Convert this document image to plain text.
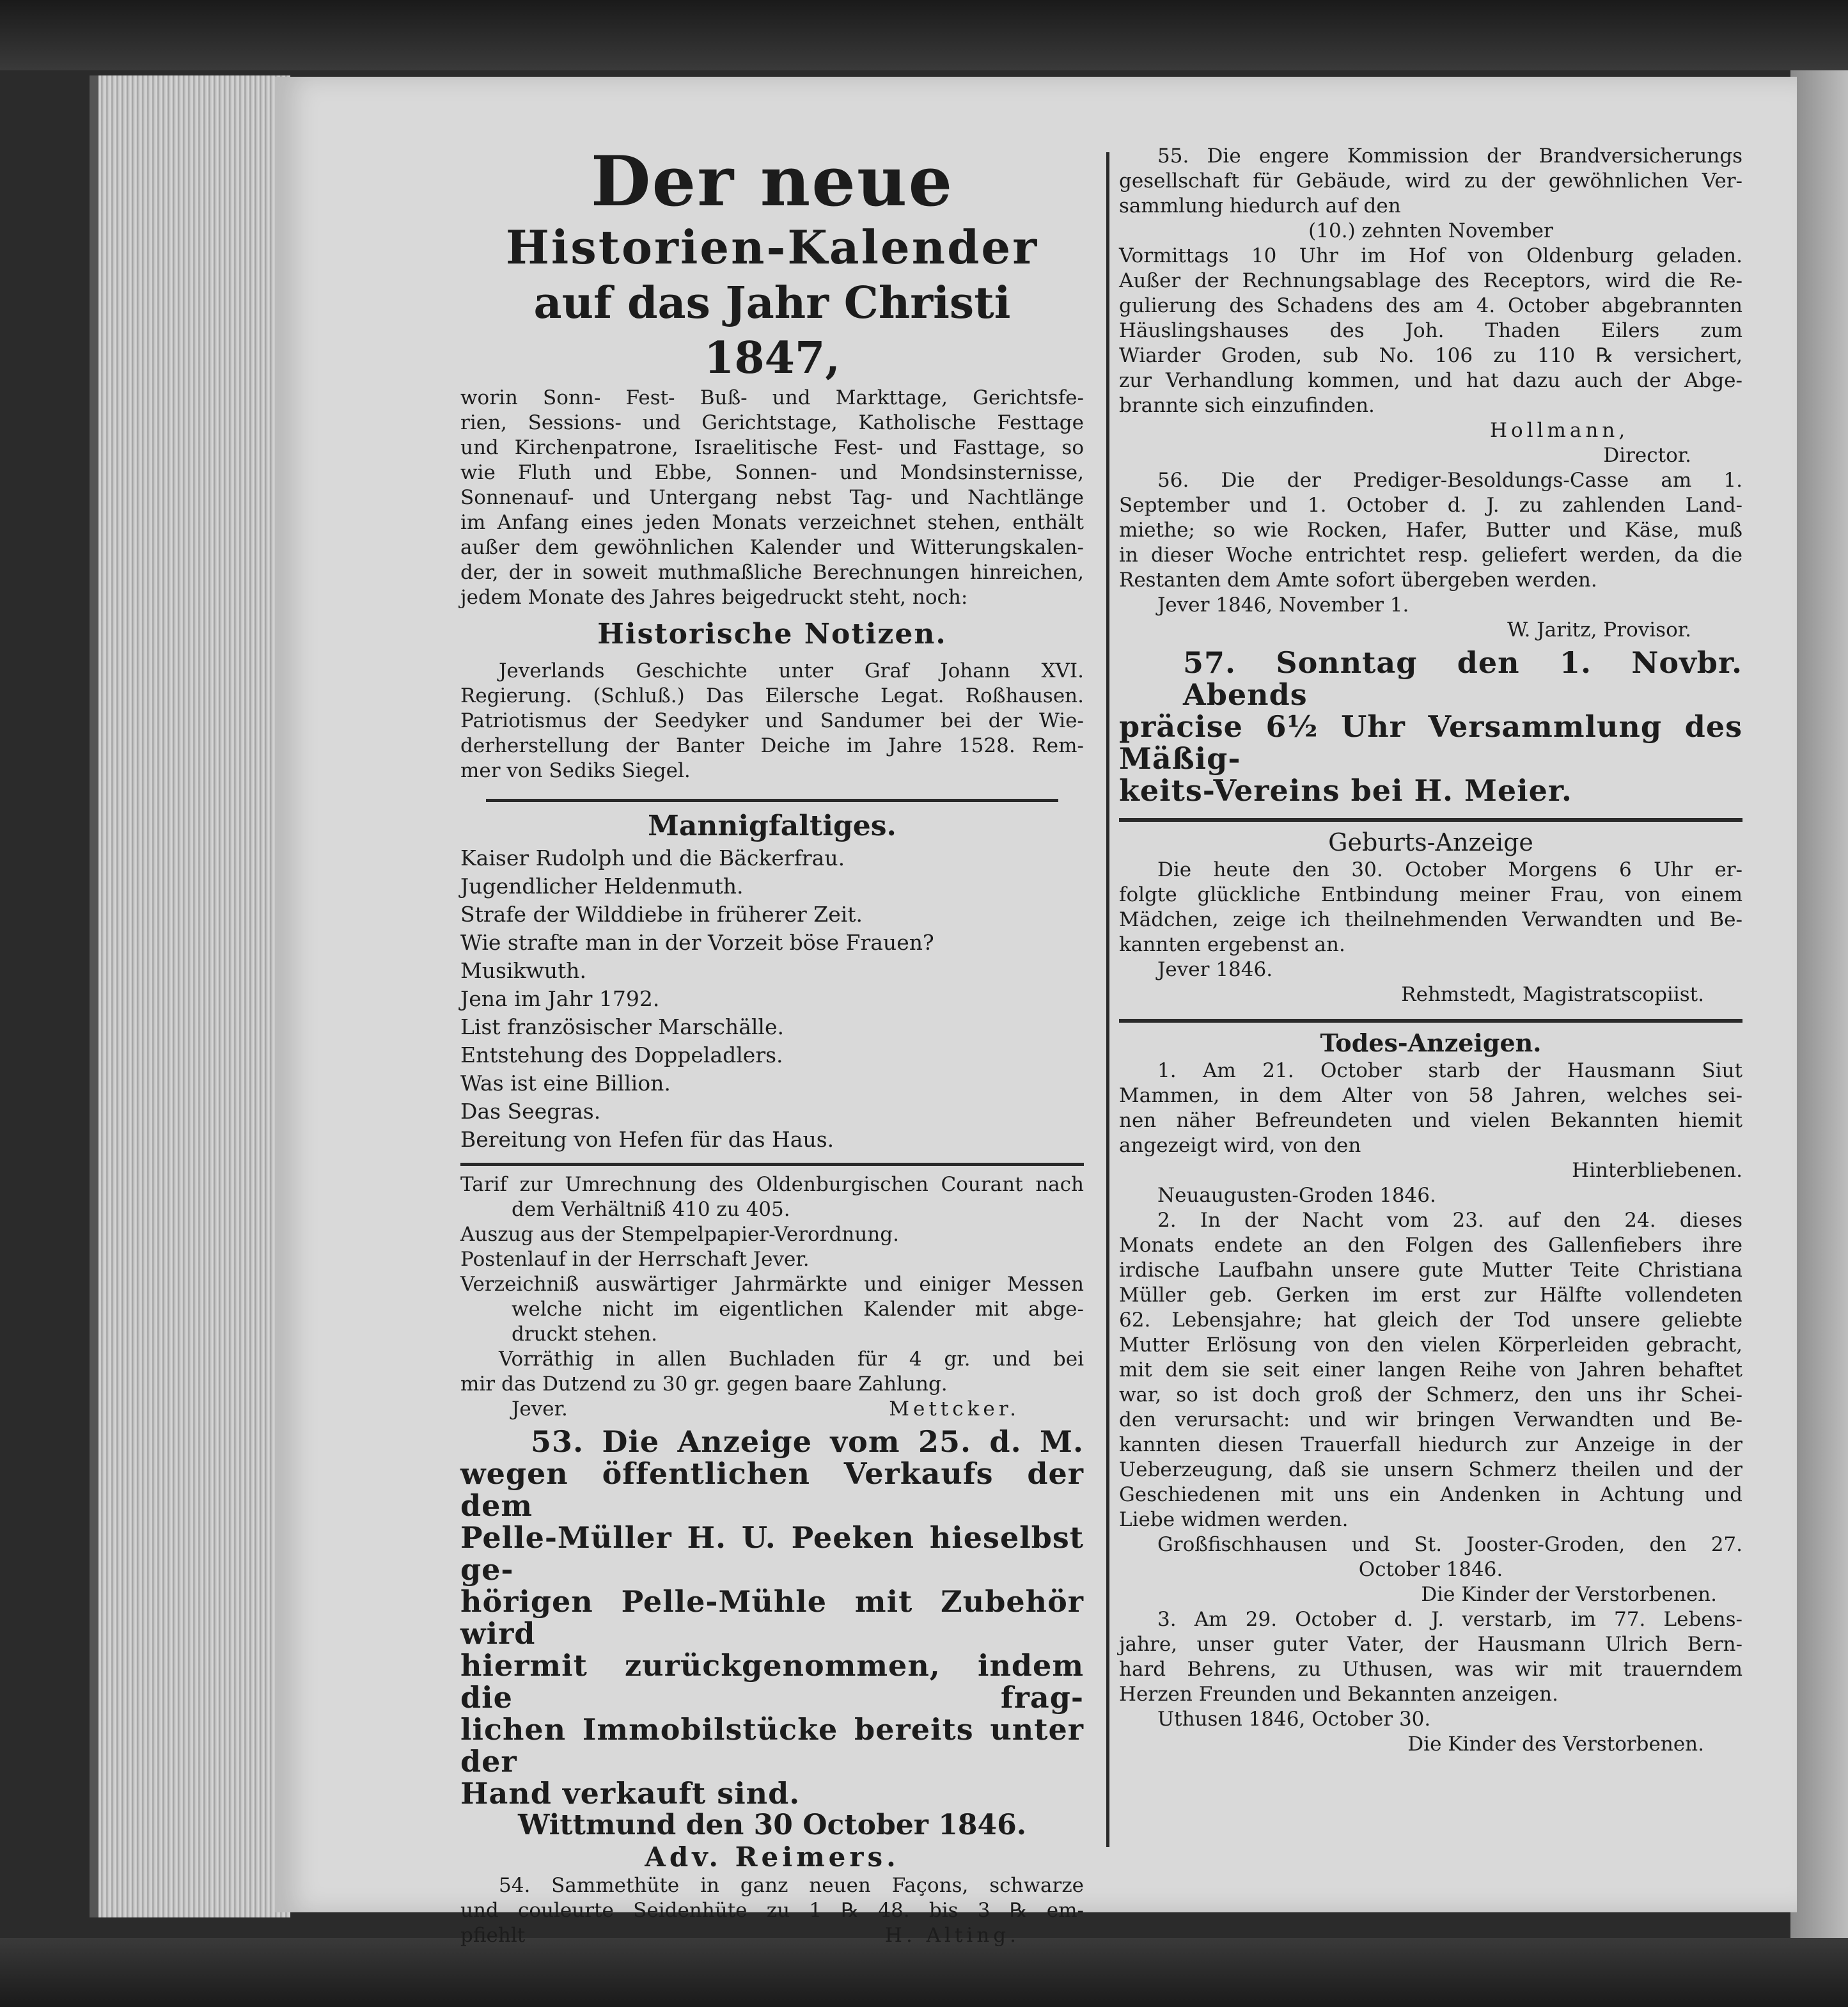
Der neue

Historien-Kalender

auf das Jahr Christi 1847,

worin Sonn- Fest- Buß- und Markttage, Gerichtsfe-

rien, Sessions- und Gerichtstage, Katholische Festtage

und Kirchenpatrone, Israelitische Fest- und Fasttage, so

wie Fluth und Ebbe, Sonnen- und Mondsinsternisse,

Sonnenauf- und Untergang nebst Tag- und Nachtlänge

im Anfang eines jeden Monats verzeichnet stehen, enthält

außer dem gewöhnlichen Kalender und Witterungskalen-

der, der in soweit muthmaßliche Berechnungen hinreichen,

jedem Monate des Jahres beigedruckt steht, noch:

Historische Notizen.

Jeverlands Geschichte unter Graf Johann XVI.

Regierung. (Schluß.) Das Eilersche Legat. Roßhausen.

Patriotismus der Seedyker und Sandumer bei der Wie-

derherstellung der Banter Deiche im Jahre 1528. Rem-

mer von Sediks Siegel.

Mannigfaltiges.

Kaiser Rudolph und die Bäckerfrau.

Jugendlicher Heldenmuth.

Strafe der Wilddiebe in früherer Zeit.

Wie strafte man in der Vorzeit böse Frauen?

Musikwuth.

Jena im Jahr 1792.

List französischer Marschälle.

Entstehung des Doppeladlers.

Was ist eine Billion.

Das Seegras.

Bereitung von Hefen für das Haus.

Tarif zur Umrechnung des Oldenburgischen Courant nach

dem Verhältniß 410 zu 405.

Auszug aus der Stempelpapier-Verordnung.

Postenlauf in der Herrschaft Jever.

Verzeichniß auswärtiger Jahrmärkte und einiger Messen

welche nicht im eigentlichen Kalender mit abge-

druckt stehen.

Vorräthig in allen Buchladen für 4 gr. und bei

mir das Dutzend zu 30 gr. gegen baare Zahlung.

Jever.	Mettcker.

53. Die Anzeige vom 25. d. M.

wegen öffentlichen Verkaufs der dem

Pelle-Müller H. U. Peeken hieselbst ge-

hörigen Pelle-Mühle mit Zubehör wird

hiermit zurückgenommen, indem die frag-

lichen Immobilstücke bereits unter der

Hand verkauft sind.

Wittmund den 30 October 1846.

Adv. Reimers.

54. Sammethüte in ganz neuen Façons, schwarze

und couleurte Seidenhüte zu 1 ℞ 48. bis 3 ℞ em-

pfiehlt	H. Alting.

55. Die engere Kommission der Brandversicherungs

gesellschaft für Gebäude, wird zu der gewöhnlichen Ver-

sammlung hiedurch auf den

(10.) zehnten November

Vormittags 10 Uhr im Hof von Oldenburg geladen.

Außer der Rechnungsablage des Receptors, wird die Re-

gulierung des Schadens des am 4. October abgebrannten

Häuslingshauses des Joh. Thaden Eilers zum

Wiarder Groden, sub No. 106 zu 110 ℞ versichert,

zur Verhandlung kommen, und hat dazu auch der Abge-

brannte sich einzufinden.

Hollmann,

Director.

56. Die der Prediger-Besoldungs-Casse am 1.

September und 1. October d. J. zu zahlenden Land-

miethe; so wie Rocken, Hafer, Butter und Käse, muß

in dieser Woche entrichtet resp. geliefert werden, da die

Restanten dem Amte sofort übergeben werden.

Jever 1846, November 1.

W. Jaritz, Provisor.

57. Sonntag den 1. Novbr. Abends

präcise 6½ Uhr Versammlung des Mäßig-

keits-Vereins bei H. Meier.

Geburts-Anzeige

Die heute den 30. October Morgens 6 Uhr er-

folgte glückliche Entbindung meiner Frau, von einem

Mädchen, zeige ich theilnehmenden Verwandten und Be-

kannten ergebenst an.

Jever 1846.

Rehmstedt, Magistratscopiist.

Todes-Anzeigen.

1. Am 21. October starb der Hausmann Siut

Mammen, in dem Alter von 58 Jahren, welches sei-

nen näher Befreundeten und vielen Bekannten hiemit

angezeigt wird, von den

Hinterbliebenen.

Neuaugusten-Groden 1846.

2. In der Nacht vom 23. auf den 24. dieses

Monats endete an den Folgen des Gallenfiebers ihre

irdische Laufbahn unsere gute Mutter Teite Christiana

Müller geb. Gerken im erst zur Hälfte vollendeten

62. Lebensjahre; hat gleich der Tod unsere geliebte

Mutter Erlösung von den vielen Körperleiden gebracht,

mit dem sie seit einer langen Reihe von Jahren behaftet

war, so ist doch groß der Schmerz, den uns ihr Schei-

den verursacht: und wir bringen Verwandten und Be-

kannten diesen Trauerfall hiedurch zur Anzeige in der

Ueberzeugung, daß sie unsern Schmerz theilen und der

Geschiedenen mit uns ein Andenken in Achtung und

Liebe widmen werden.

Großfischhausen und St. Jooster-Groden, den 27.

October 1846.

Die Kinder der Verstorbenen.

3. Am 29. October d. J. verstarb, im 77. Lebens-

jahre, unser guter Vater, der Hausmann Ulrich Bern-

hard Behrens, zu Uthusen, was wir mit trauerndem

Herzen Freunden und Bekannten anzeigen.

Uthusen 1846, October 30.

Die Kinder des Verstorbenen.
